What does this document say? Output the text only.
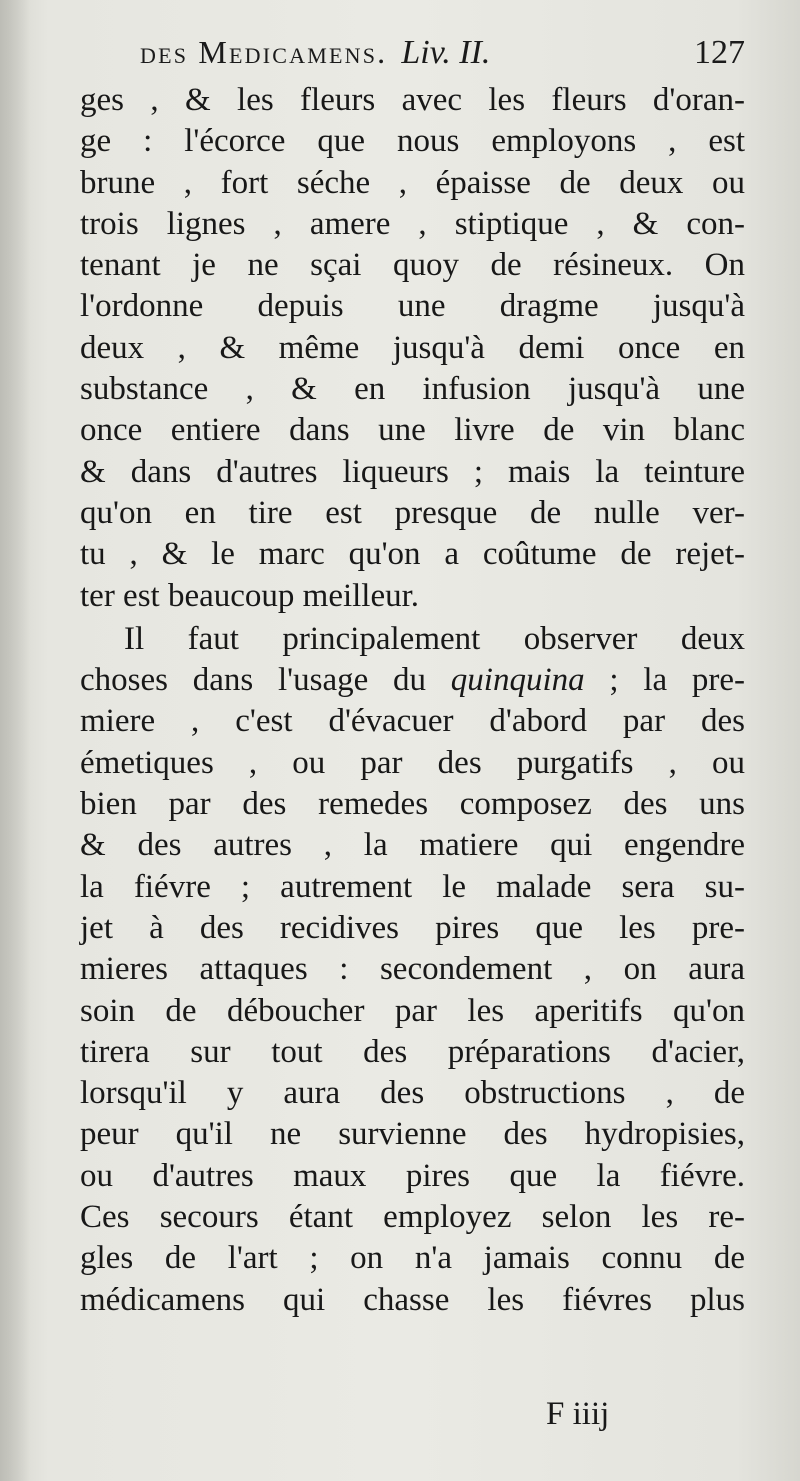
des Medicamens. Liv. II.	127
ges , & les fleurs avec les fleurs d'oran-
ge : l'écorce que nous employons , est
brune , fort séche , épaisse de deux ou
trois lignes , amere , stiptique , & con-
tenant je ne sçai quoy de résineux. On
l'ordonne depuis une dragme jusqu'à
deux , & même jusqu'à demi once en
substance , & en infusion jusqu'à une
once entiere dans une livre de vin blanc
& dans d'autres liqueurs ; mais la teinture
qu'on en tire est presque de nulle ver-
tu , & le marc qu'on a coûtume de rejet-
ter est beaucoup meilleur.
Il faut principalement observer deux
choses dans l'usage du quinquina ; la pre-
miere , c'est d'évacuer d'abord par des
émetiques , ou par des purgatifs , ou
bien par des remedes composez des uns
& des autres , la matiere qui engendre
la fiévre ; autrement le malade sera su-
jet à des recidives pires que les pre-
mieres attaques : secondement , on aura
soin de déboucher par les aperitifs qu'on
tirera sur tout des préparations d'acier,
lorsqu'il y aura des obstructions , de
peur qu'il ne survienne des hydropisies,
ou d'autres maux pires que la fiévre.
Ces secours étant employez selon les re-
gles de l'art ; on n'a jamais connu de
médicamens qui chasse les fiévres plus
F iiij
